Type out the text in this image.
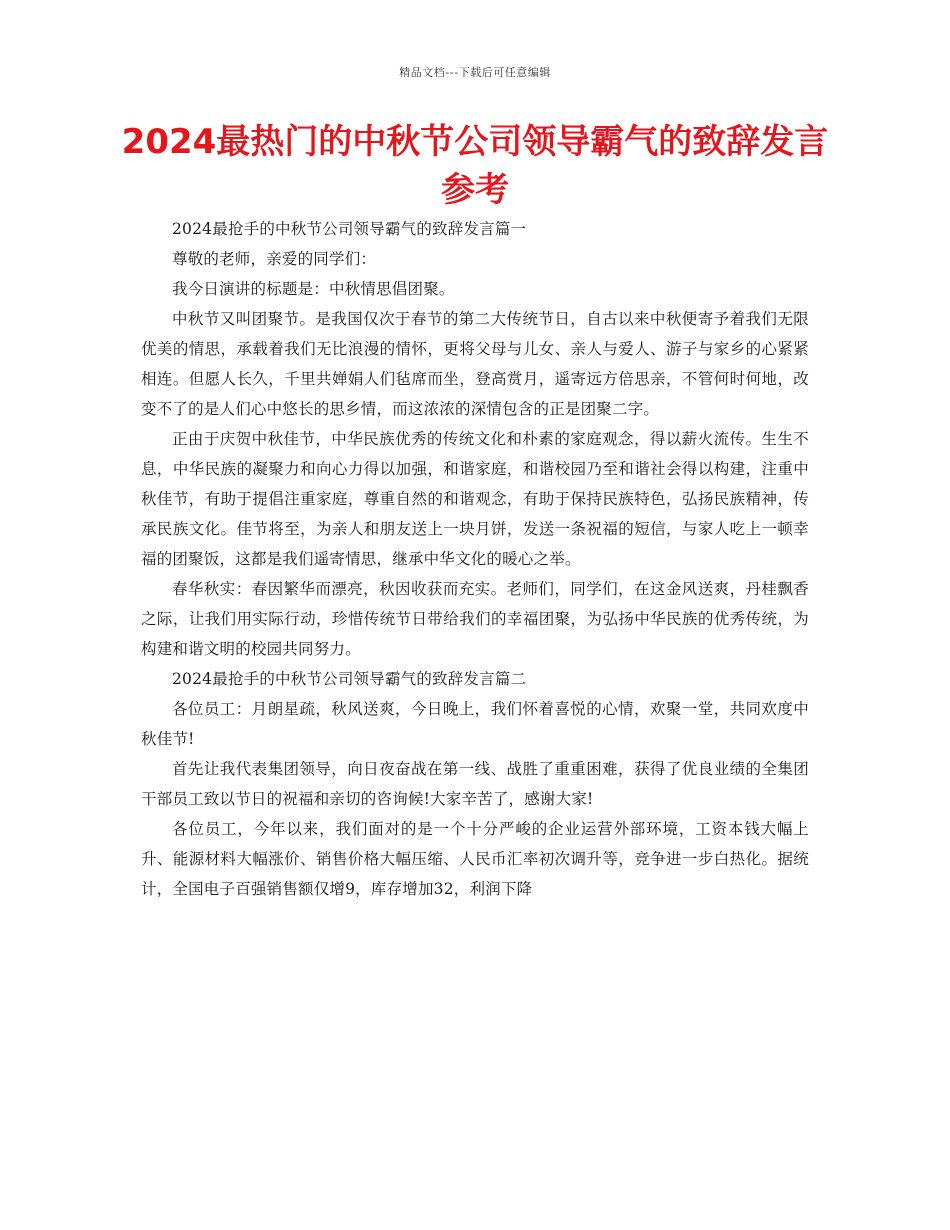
精品文档---下载后可任意编辑
2024最热门的中秋节公司领导霸气的致辞发言参考

2024最抢手的中秋节公司领导霸气的致辞发言篇一

尊敬的老师，亲爱的同学们：

我今日演讲的标题是：中秋情思倡团聚。

中秋节又叫团聚节。是我国仅次于春节的第二大传统节日，自古以来中秋便寄予着我们无限优美的情思，承载着我们无比浪漫的情怀，更将父母与儿女、亲人与爱人、游子与家乡的心紧紧相连。但愿人长久，千里共婵娟人们毡席而坐，登高赏月，遥寄远方倍思亲，不管何时何地，改变不了的是人们心中悠长的思乡情，而这浓浓的深情包含的正是团聚二字。

正由于庆贺中秋佳节，中华民族优秀的传统文化和朴素的家庭观念，得以薪火流传。生生不息，中华民族的凝聚力和向心力得以加强，和谐家庭，和谐校园乃至和谐社会得以构建，注重中秋佳节，有助于提倡注重家庭，尊重自然的和谐观念，有助于保持民族特色，弘扬民族精神，传承民族文化。佳节将至，为亲人和朋友送上一块月饼，发送一条祝福的短信，与家人吃上一顿幸福的团聚饭，这都是我们遥寄情思，继承中华文化的暖心之举。

春华秋实：春因繁华而漂亮，秋因收获而充实。老师们，同学们，在这金风送爽，丹桂飘香之际，让我们用实际行动，珍惜传统节日带给我们的幸福团聚，为弘扬中华民族的优秀传统，为构建和谐文明的校园共同努力。

2024最抢手的中秋节公司领导霸气的致辞发言篇二

各位员工：月朗星疏，秋风送爽，今日晚上，我们怀着喜悦的心情，欢聚一堂，共同欢度中秋佳节!

首先让我代表集团领导，向日夜奋战在第一线、战胜了重重困难，获得了优良业绩的全集团干部员工致以节日的祝福和亲切的咨询候!大家辛苦了，感谢大家!

各位员工，今年以来，我们面对的是一个十分严峻的企业运营外部环境，工资本钱大幅上升、能源材料大幅涨价、销售价格大幅压缩、人民币汇率初次调升等，竞争进一步白热化。据统计，全国电子百强销售额仅增9，库存增加32，利润下降
